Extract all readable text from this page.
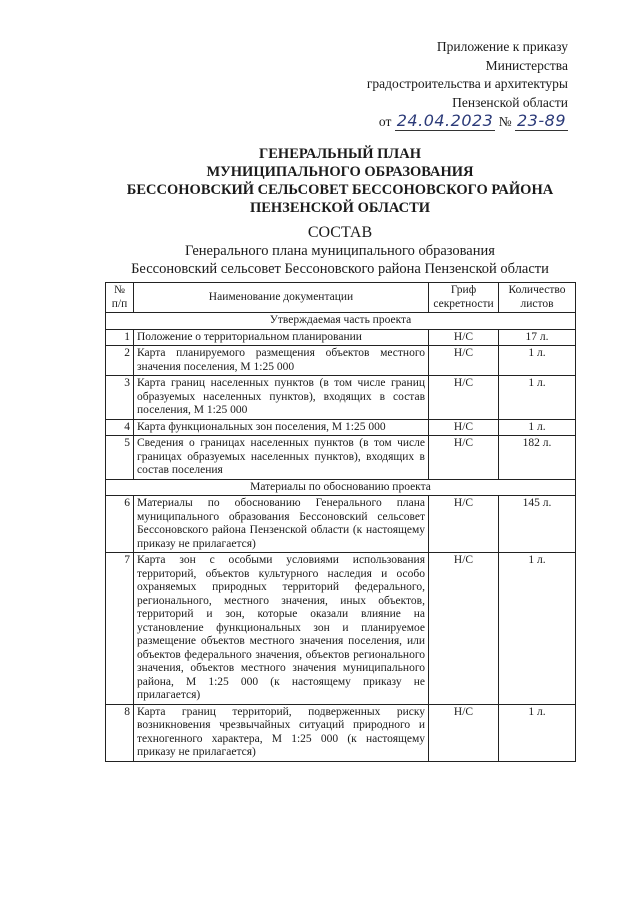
Приложение к приказу
Министерства
градостроительства и архитектуры
Пензенской области
от 24.04.2023 № 23-89
ГЕНЕРАЛЬНЫЙ ПЛАН
МУНИЦИПАЛЬНОГО ОБРАЗОВАНИЯ
БЕССОНОВСКИЙ СЕЛЬСОВЕТ БЕССОНОВСКОГО РАЙОНА
ПЕНЗЕНСКОЙ ОБЛАСТИ
СОСТАВ
Генерального плана муниципального образования
Бессоновский сельсовет Бессоновского района Пензенской области
№ п/п	Наименование документации	Гриф секретности	Количество листов
Утверждаемая часть проекта			
1	Положение о территориальном планировании	Н/С	17 л.
2	Карта планируемого размещения объектов местного значения поселения, М 1:25 000	Н/С	1 л.
3	Карта границ населенных пунктов (в том числе границ образуемых населенных пунктов), входящих в состав поселения, М 1:25 000	Н/С	1 л.
4	Карта функциональных зон поселения, М 1:25 000	Н/С	1 л.
5	Сведения о границах населенных пунктов (в том числе границах образуемых населенных пунктов), входящих в состав поселения	Н/С	182 л.
Материалы по обоснованию проекта			
6	Материалы по обоснованию Генерального плана муниципального образования Бессоновский сельсовет Бессоновского района Пензенской области (к настоящему приказу не прилагается)	Н/С	145 л.
7	Карта зон с особыми условиями использования территорий, объектов культурного наследия и особо охраняемых природных территорий федерального, регионального, местного значения, иных объектов, территорий и зон, которые оказали влияние на установление функциональных зон и планируемое размещение объектов местного значения поселения, или объектов федерального значения, объектов регионального значения, объектов местного значения муниципального района, М 1:25 000 (к настоящему приказу не прилагается)	Н/С	1 л.
8	Карта границ территорий, подверженных риску возникновения чрезвычайных ситуаций природного и техногенного характера, М 1:25 000 (к настоящему приказу не прилагается)	Н/С	1 л.
